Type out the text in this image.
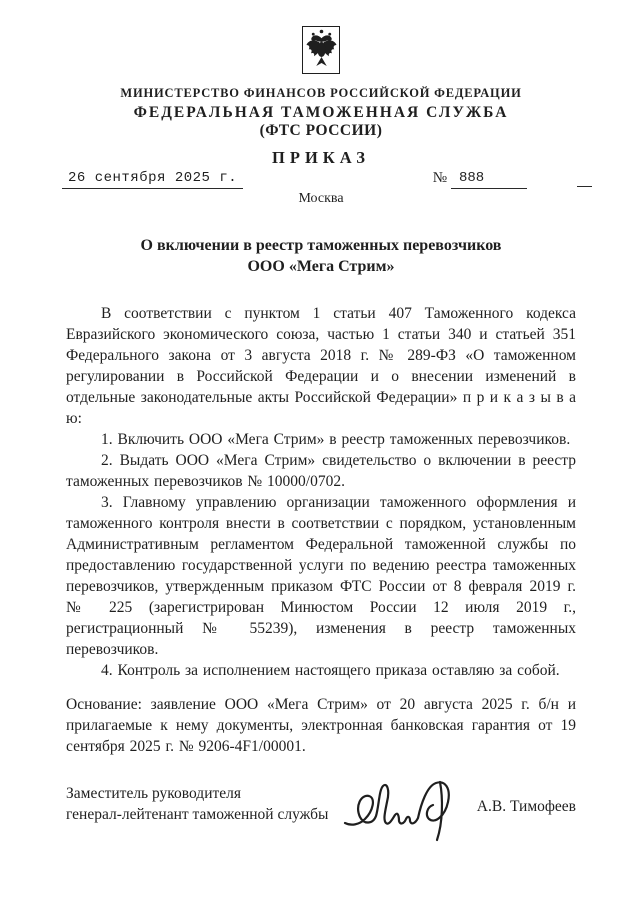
МИНИСТЕРСТВО ФИНАНСОВ РОССИЙСКОЙ ФЕДЕРАЦИИ
ФЕДЕРАЛЬНАЯ ТАМОЖЕННАЯ СЛУЖБА
(ФТС РОССИИ)
ПРИКАЗ
26 сентября 2025 г.	№ 888
Москва
О включении в реестр таможенных перевозчиков
ООО «Мега Стрим»

В соответствии с пунктом 1 статьи 407 Таможенного кодекса Евразийского экономического союза, частью 1 статьи 340 и статьей 351 Федерального закона от 3 августа 2018 г. № 289-ФЗ «О таможенном регулировании в Российской Федерации и о внесении изменений в отдельные законодательные акты Российской Федерации» п р и к а з ы в а ю:

1. Включить ООО «Мега Стрим» в реестр таможенных перевозчиков.

2. Выдать ООО «Мега Стрим» свидетельство о включении в реестр таможенных перевозчиков № 10000/0702.

3. Главному управлению организации таможенного оформления и таможенного контроля внести в соответствии с порядком, установленным Административным регламентом Федеральной таможенной службы по предоставлению государственной услуги по ведению реестра таможенных перевозчиков, утвержденным приказом ФТС России от 8 февраля 2019 г. № 225 (зарегистрирован Минюстом России 12 июля 2019 г., регистрационный № 55239), изменения в реестр таможенных перевозчиков.

4. Контроль за исполнением настоящего приказа оставляю за собой.

Основание: заявление ООО «Мега Стрим» от 20 августа 2025 г. б/н и прилагаемые к нему документы, электронная банковская гарантия от 19 сентября 2025 г. № 9206-4F1/00001.

Заместитель руководителя
генерал-лейтенант таможенной службы	А.В. Тимофеев
